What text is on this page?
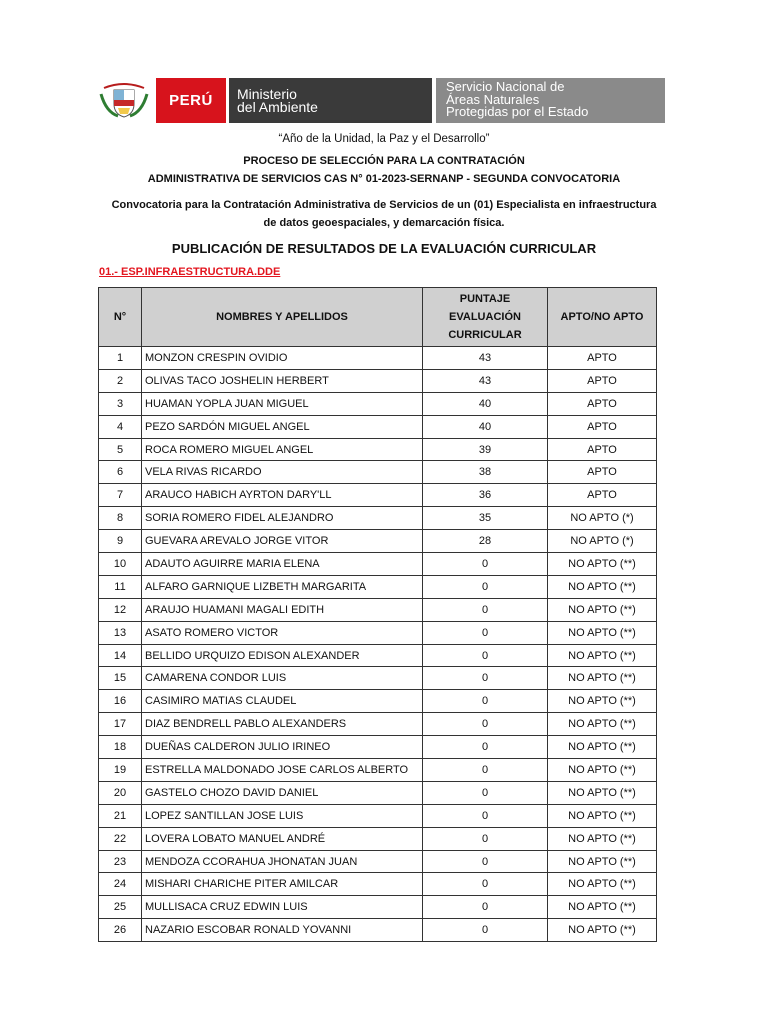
PERÚ	Ministerio
del Ambiente
Servicio Nacional de
Áreas Naturales
Protegidas por el Estado
“Año de la Unidad, la Paz y el Desarrollo”
PROCESO DE SELECCIÓN PARA LA CONTRATACIÓN
ADMINISTRATIVA DE SERVICIOS CAS N° 01-2023-SERNANP - SEGUNDA CONVOCATORIA
Convocatoria para la Contratación Administrativa de Servicios de un (01) Especialista en infraestructura
de datos geoespaciales, y demarcación física.
PUBLICACIÓN DE RESULTADOS DE LA EVALUACIÓN CURRICULAR
01.- ESP.INFRAESTRUCTURA.DDE
N°	NOMBRES Y APELLIDOS	PUNTAJE
EVALUACIÓN
CURRICULAR	APTO/NO APTO
1	MONZON CRESPIN OVIDIO	43	APTO
2	OLIVAS TACO JOSHELIN HERBERT	43	APTO
3	HUAMAN YOPLA JUAN MIGUEL	40	APTO
4	PEZO SARDÓN MIGUEL ANGEL	40	APTO
5	ROCA ROMERO MIGUEL ANGEL	39	APTO
6	VELA RIVAS RICARDO	38	APTO
7	ARAUCO HABICH AYRTON DARY'LL	36	APTO
8	SORIA ROMERO FIDEL ALEJANDRO	35	NO APTO (*)
9	GUEVARA AREVALO JORGE VITOR	28	NO APTO (*)
10	ADAUTO AGUIRRE MARIA ELENA	0	NO APTO (**)
11	ALFARO GARNIQUE LIZBETH MARGARITA	0	NO APTO (**)
12	ARAUJO HUAMANI MAGALI EDITH	0	NO APTO (**)
13	ASATO ROMERO VICTOR	0	NO APTO (**)
14	BELLIDO URQUIZO EDISON ALEXANDER	0	NO APTO (**)
15	CAMARENA CONDOR LUIS	0	NO APTO (**)
16	CASIMIRO MATIAS CLAUDEL	0	NO APTO (**)
17	DIAZ BENDRELL PABLO ALEXANDERS	0	NO APTO (**)
18	DUEÑAS CALDERON JULIO IRINEO	0	NO APTO (**)
19	ESTRELLA MALDONADO JOSE CARLOS ALBERTO	0	NO APTO (**)
20	GASTELO CHOZO DAVID DANIEL	0	NO APTO (**)
21	LOPEZ SANTILLAN JOSE LUIS	0	NO APTO (**)
22	LOVERA LOBATO MANUEL ANDRÉ	0	NO APTO (**)
23	MENDOZA CCORAHUA JHONATAN JUAN	0	NO APTO (**)
24	MISHARI CHARICHE PITER AMILCAR	0	NO APTO (**)
25	MULLISACA CRUZ EDWIN LUIS	0	NO APTO (**)
26	NAZARIO ESCOBAR RONALD YOVANNI	0	NO APTO (**)
